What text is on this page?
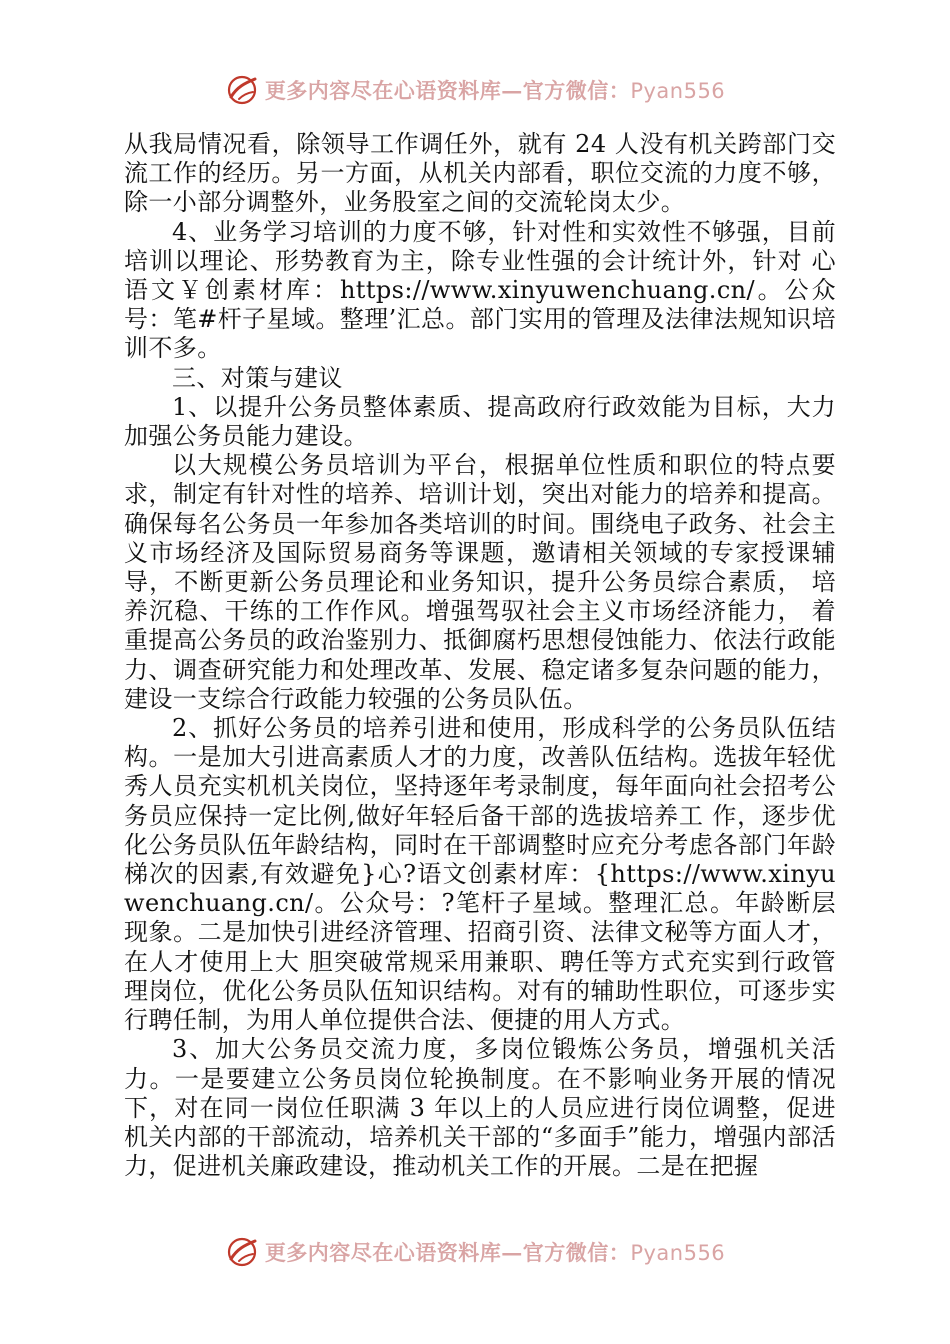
更多内容尽在心语资料库—官方微信：Pyan556

从我局情况看，除领导工作调任外，就有 24 人没有机关跨部门交流工作的经历。另一方面，从机关内部看，职位交流的力度不够，除一小部分调整外，业务股室之间的交流轮岗太少。

4、业务学习培训的力度不够，针对性和实效性不够强，目前培训以理论、形势教育为主，除专业性强的会计统计外，针对 心语文￥创素材库：https://www.xinyuwenchuang.cn/。公众号：笔#杆子星域。整理’汇总。部门实用的管理及法律法规知识培训不多。

三、对策与建议

1、以提升公务员整体素质、提高政府行政效能为目标，大力加强公务员能力建设。

以大规模公务员培训为平台，根据单位性质和职位的特点要求，制定有针对性的培养、培训计划，突出对能力的培养和提高。确保每名公务员一年参加各类培训的时间。围绕电子政务、社会主义市场经济及国际贸易商务等课题，邀请相关领域的专家授课辅导，不断更新公务员理论和业务知识，提升公务员综合素质， 培养沉稳、干练的工作作风。增强驾驭社会主义市场经济能力， 着重提高公务员的政治鉴别力、抵御腐朽思想侵蚀能力、依法行政能力、调查研究能力和处理改革、发展、稳定诸多复杂问题的能力，建设一支综合行政能力较强的公务员队伍。

2、抓好公务员的培养引进和使用，形成科学的公务员队伍结构。一是加大引进高素质人才的力度，改善队伍结构。选拔年轻优秀人员充实机机关岗位，坚持逐年考录制度，每年面向社会招考公务员应保持一定比例,做好年轻后备干部的选拔培养工 作，逐步优化公务员队伍年龄结构，同时在干部调整时应充分考虑各部门年龄梯次的因素,有效避免}心?语文创素材库：{https://www.xinyuwenchuang.cn/。公众号：?笔杆子星域。整理汇总。年龄断层现象。二是加快引进经济管理、招商引资、法律文秘等方面人才，在人才使用上大 胆突破常规采用兼职、聘任等方式充实到行政管理岗位，优化公务员队伍知识结构。对有的辅助性职位，可逐步实行聘任制，为用人单位提供合法、便捷的用人方式。

3、加大公务员交流力度，多岗位锻炼公务员，增强机关活力。一是要建立公务员岗位轮换制度。在不影响业务开展的情况下，对在同一岗位任职满 3 年以上的人员应进行岗位调整，促进机关内部的干部流动，培养机关干部的“多面手”能力，增强内部活力，促进机关廉政建设，推动机关工作的开展。二是在把握

更多内容尽在心语资料库—官方微信：Pyan556
